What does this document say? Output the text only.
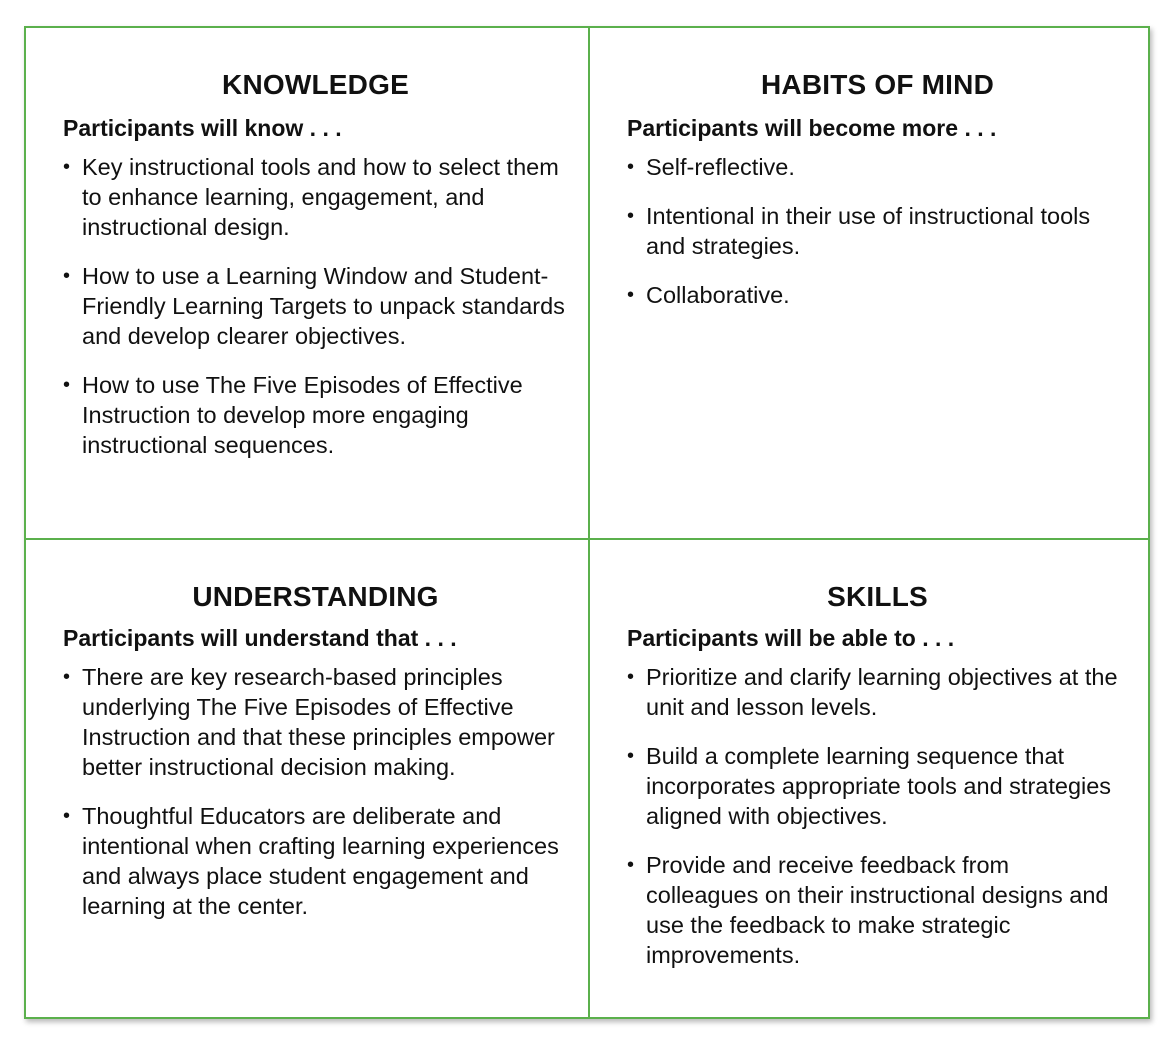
KNOWLEDGE
Participants will know . . .
• Key instructional tools and how to select them to enhance learning, engagement, and instructional design.
• How to use a Learning Window and Student-Friendly Learning Targets to unpack standards and develop clearer objectives.
• How to use The Five Episodes of Effective Instruction to develop more engaging instructional sequences.
HABITS OF MIND
Participants will become more . . .
• Self-reflective.
• Intentional in their use of instructional tools and strategies.
• Collaborative.
UNDERSTANDING
Participants will understand that . . .
• There are key research-based principles underlying The Five Episodes of Effective Instruction and that these principles empower better instructional decision making.
• Thoughtful Educators are deliberate and intentional when crafting learning experiences and always place student engagement and learning at the center.
SKILLS
Participants will be able to . . .
• Prioritize and clarify learning objectives at the unit and lesson levels.
• Build a complete learning sequence that incorporates appropriate tools and strategies aligned with objectives.
• Provide and receive feedback from colleagues on their instructional designs and use the feedback to make strategic improvements.
